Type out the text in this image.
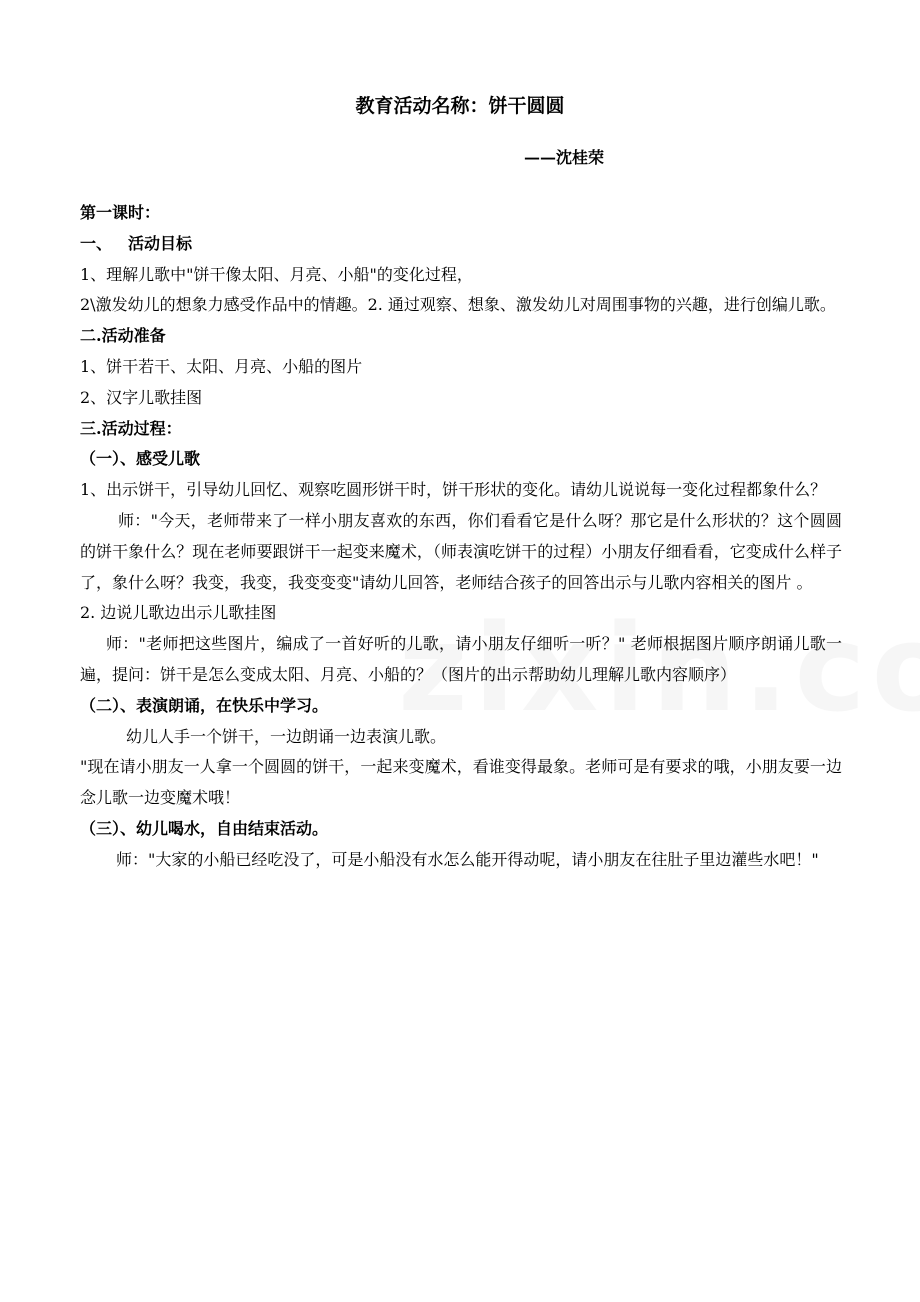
教育活动名称：饼干圆圆
——沈桂荣

第一课时：

一、 活动目标

1、理解儿歌中"饼干像太阳、月亮、小船"的变化过程，

2\激发幼儿的想象力感受作品中的情趣。2. 通过观察、想象、激发幼儿对周围事物的兴趣，进行创编儿歌。

二.活动准备

1、饼干若干、太阳、月亮、小船的图片

2、汉字儿歌挂图

三.活动过程：

（一）、感受儿歌

1、出示饼干，引导幼儿回忆、观察吃圆形饼干时，饼干形状的变化。请幼儿说说每一变化过程都象什么？

师："今天，老师带来了一样小朋友喜欢的东西，你们看看它是什么呀？那它是什么形状的？这个圆圆的饼干象什么？现在老师要跟饼干一起变来魔术，（师表演吃饼干的过程）小朋友仔细看看，它变成什么样子了，象什么呀？我变，我变，我变变变"请幼儿回答，老师结合孩子的回答出示与儿歌内容相关的图片 。

2. 边说儿歌边出示儿歌挂图

师："老师把这些图片，编成了一首好听的儿歌，请小朋友仔细听一听？" 老师根据图片顺序朗诵儿歌一遍，提问：饼干是怎么变成太阳、月亮、小船的？（图片的出示帮助幼儿理解儿歌内容顺序）

（二）、表演朗诵，在快乐中学习。

幼儿人手一个饼干，一边朗诵一边表演儿歌。

"现在请小朋友一人拿一个圆圆的饼干，一起来变魔术，看谁变得最象。老师可是有要求的哦，小朋友要一边念儿歌一边变魔术哦！

（三）、幼儿喝水，自由结束活动。

师："大家的小船已经吃没了，可是小船没有水怎么能开得动呢，请小朋友在往肚子里边灌些水吧！"
